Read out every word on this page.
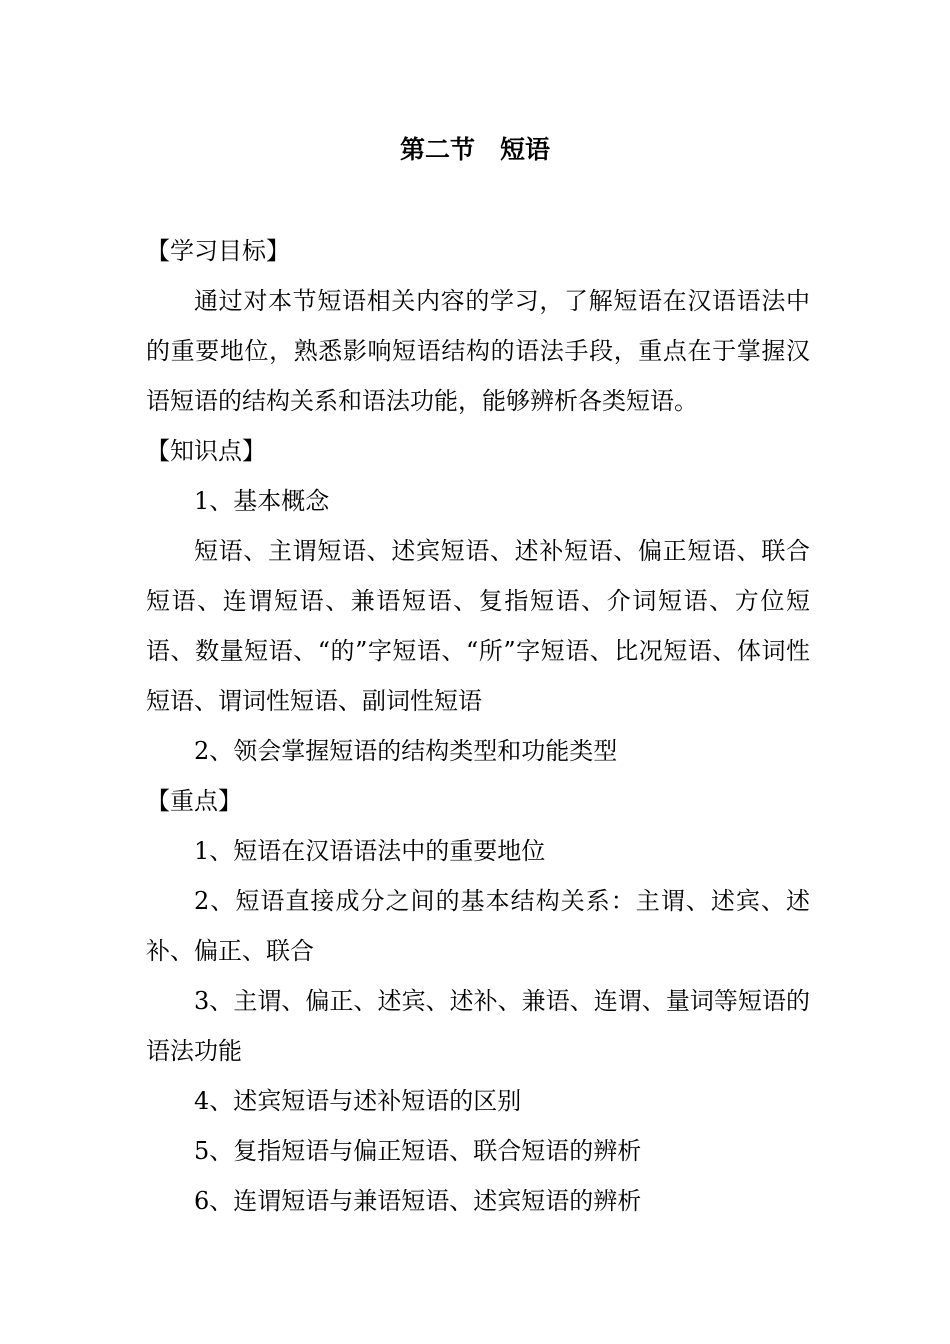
第二节　短语

【学习目标】

通过对本节短语相关内容的学习，了解短语在汉语语法中的重要地位，熟悉影响短语结构的语法手段，重点在于掌握汉语短语的结构关系和语法功能，能够辨析各类短语。

【知识点】

1、基本概念

短语、主谓短语、述宾短语、述补短语、偏正短语、联合短语、连谓短语、兼语短语、复指短语、介词短语、方位短语、数量短语、“的”字短语、“所”字短语、比况短语、体词性短语、谓词性短语、副词性短语

2、领会掌握短语的结构类型和功能类型

【重点】

1、短语在汉语语法中的重要地位

2、短语直接成分之间的基本结构关系：主谓、述宾、述补、偏正、联合

3、主谓、偏正、述宾、述补、兼语、连谓、量词等短语的语法功能

4、述宾短语与述补短语的区别

5、复指短语与偏正短语、联合短语的辨析

6、连谓短语与兼语短语、述宾短语的辨析
